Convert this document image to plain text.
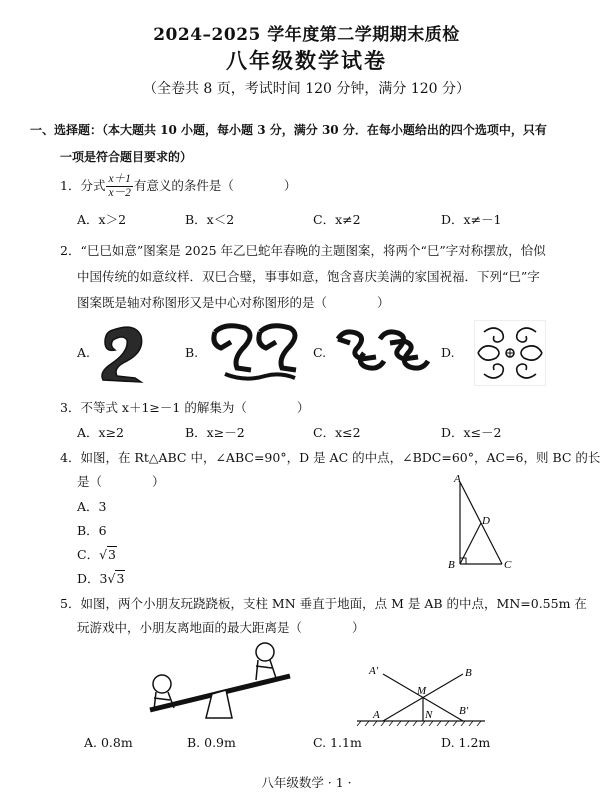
2024–2025 学年度第二学期期末质检
八年级数学试卷
（全卷共 8 页，考试时间 120 分钟，满分 120 分）
一、选择题：（本大题共 10 小题，每小题 3 分，满分 30 分．在每小题给出的四个选项中，只有
一项是符合题目要求的）
1．分式 $\frac{x+1}{x-2}$ 有意义的条件是（　　　　）
A．x＞2	B．x＜2	C．x≠2	D．x≠－1
2．“巳巳如意”图案是 2025 年乙巳蛇年春晚的主题图案，将两个“巳”字对称摆放，恰似
中国传统的如意纹样．双巳合璧，事事如意，饱含喜庆美满的家国祝福．下列“巳”字
图案既是轴对称图形又是中心对称图形的是（　　　　）
A.	B.	C.	D.
3．不等式 x＋1≥－1 的解集为（　　　　）
A．x≥2	B．x≥－2	C．x≤2	D．x≤－2
4．如图，在 Rt△ABC 中，∠ABC=90°，D 是 AC 的中点，∠BDC=60°，AC=6，则 BC 的长
是（　　　　）
A．3
B．6
C．√3
D．3√3
A
B	C
D
5．如图，两个小朋友玩跷跷板，支柱 MN 垂直于地面，点 M 是 AB 的中点，MN=0.55m 在
玩游戏中，小朋友离地面的最大距离是（　　　　）
A′	B
M
A	N B′
A. 0.8m	B. 0.9m	C. 1.1m	D. 1.2m
八年级数学 · 1 ·
